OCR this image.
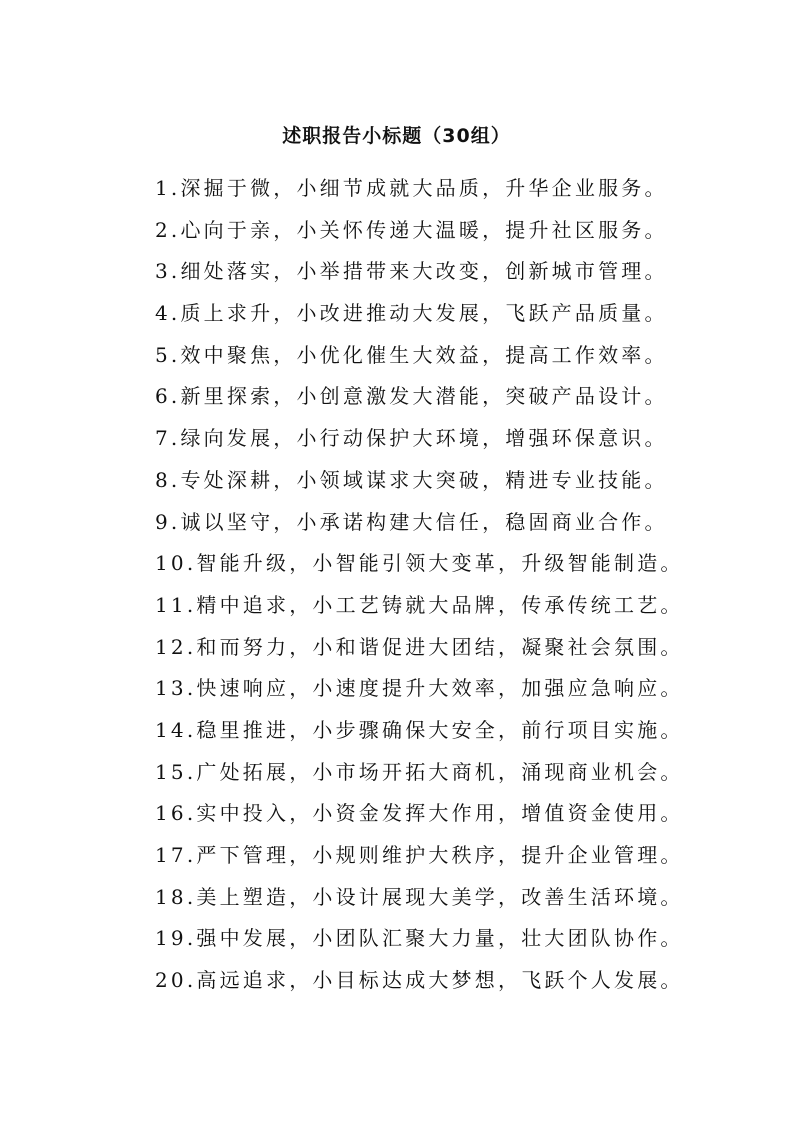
述职报告小标题（30组）
1.深掘于微，小细节成就大品质，升华企业服务。
2.心向于亲，小关怀传递大温暖，提升社区服务。
3.细处落实，小举措带来大改变，创新城市管理。
4.质上求升，小改进推动大发展，飞跃产品质量。
5.效中聚焦，小优化催生大效益，提高工作效率。
6.新里探索，小创意激发大潜能，突破产品设计。
7.绿向发展，小行动保护大环境，增强环保意识。
8.专处深耕，小领域谋求大突破，精进专业技能。
9.诚以坚守，小承诺构建大信任，稳固商业合作。
10.智能升级，小智能引领大变革，升级智能制造。
11.精中追求，小工艺铸就大品牌，传承传统工艺。
12.和而努力，小和谐促进大团结，凝聚社会氛围。
13.快速响应，小速度提升大效率，加强应急响应。
14.稳里推进，小步骤确保大安全，前行项目实施。
15.广处拓展，小市场开拓大商机，涌现商业机会。
16.实中投入，小资金发挥大作用，增值资金使用。
17.严下管理，小规则维护大秩序，提升企业管理。
18.美上塑造，小设计展现大美学，改善生活环境。
19.强中发展，小团队汇聚大力量，壮大团队协作。
20.高远追求，小目标达成大梦想，飞跃个人发展。
